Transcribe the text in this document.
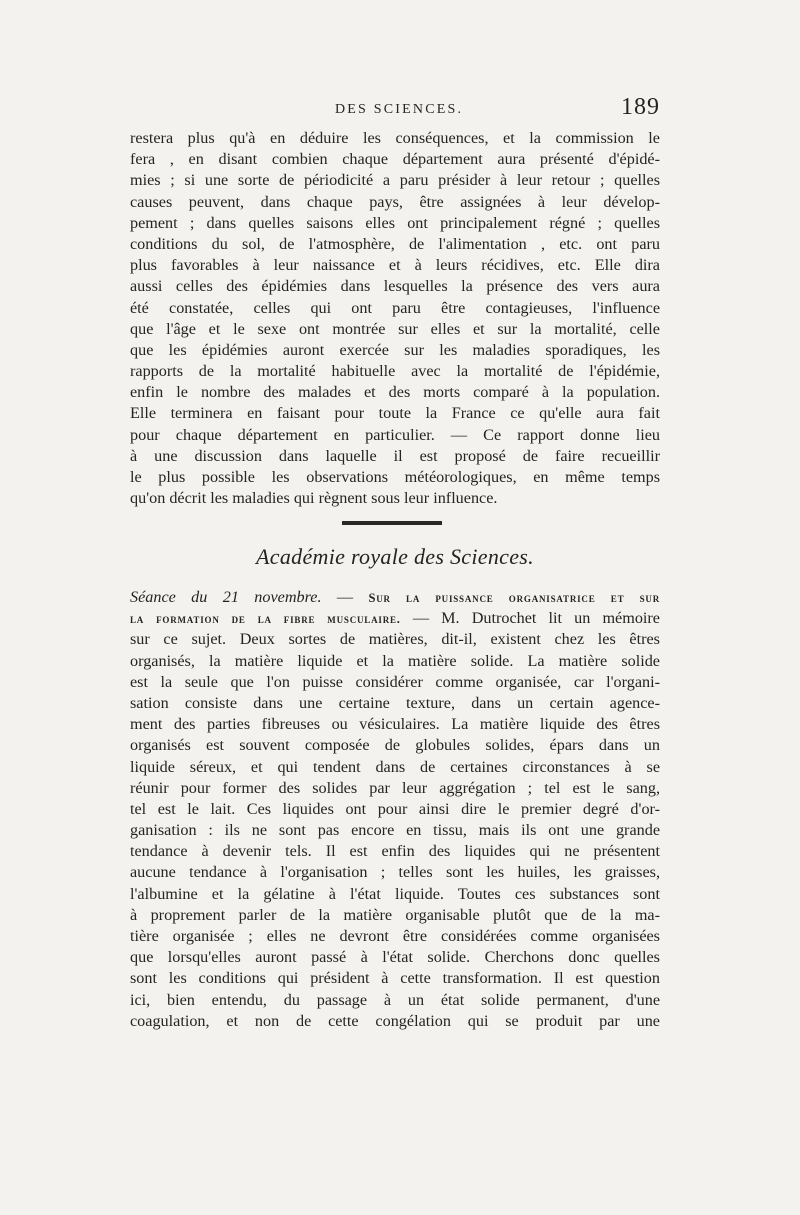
DES SCIENCES.	189
restera plus qu'à en déduire les conséquences, et la commission le
fera , en disant combien chaque département aura présenté d'épidé-
mies ; si une sorte de périodicité a paru présider à leur retour ; quelles
causes peuvent, dans chaque pays, être assignées à leur dévelop-
pement ; dans quelles saisons elles ont principalement régné ; quelles
conditions du sol, de l'atmosphère, de l'alimentation , etc. ont paru
plus favorables à leur naissance et à leurs récidives, etc. Elle dira
aussi celles des épidémies dans lesquelles la présence des vers aura
été constatée, celles qui ont paru être contagieuses, l'influence
que l'âge et le sexe ont montrée sur elles et sur la mortalité, celle
que les épidémies auront exercée sur les maladies sporadiques, les
rapports de la mortalité habituelle avec la mortalité de l'épidémie,
enfin le nombre des malades et des morts comparé à la population.
Elle terminera en faisant pour toute la France ce qu'elle aura fait
pour chaque département en particulier. — Ce rapport donne lieu
à une discussion dans laquelle il est proposé de faire recueillir
le plus possible les observations météorologiques, en même temps
qu'on décrit les maladies qui règnent sous leur influence.
Académie royale des Sciences.
Séance du 21 novembre. — Sur la puissance organisatrice et sur
la formation de la fibre musculaire. — M. Dutrochet lit un mémoire
sur ce sujet. Deux sortes de matières, dit-il, existent chez les êtres
organisés, la matière liquide et la matière solide. La matière solide
est la seule que l'on puisse considérer comme organisée, car l'organi-
sation consiste dans une certaine texture, dans un certain agence-
ment des parties fibreuses ou vésiculaires. La matière liquide des êtres
organisés est souvent composée de globules solides, épars dans un
liquide séreux, et qui tendent dans de certaines circonstances à se
réunir pour former des solides par leur aggrégation ; tel est le sang,
tel est le lait. Ces liquides ont pour ainsi dire le premier degré d'or-
ganisation : ils ne sont pas encore en tissu, mais ils ont une grande
tendance à devenir tels. Il est enfin des liquides qui ne présentent
aucune tendance à l'organisation ; telles sont les huiles, les graisses,
l'albumine et la gélatine à l'état liquide. Toutes ces substances sont
à proprement parler de la matière organisable plutôt que de la ma-
tière organisée ; elles ne devront être considérées comme organisées
que lorsqu'elles auront passé à l'état solide. Cherchons donc quelles
sont les conditions qui président à cette transformation. Il est question
ici, bien entendu, du passage à un état solide permanent, d'une
coagulation, et non de cette congélation qui se produit par une
